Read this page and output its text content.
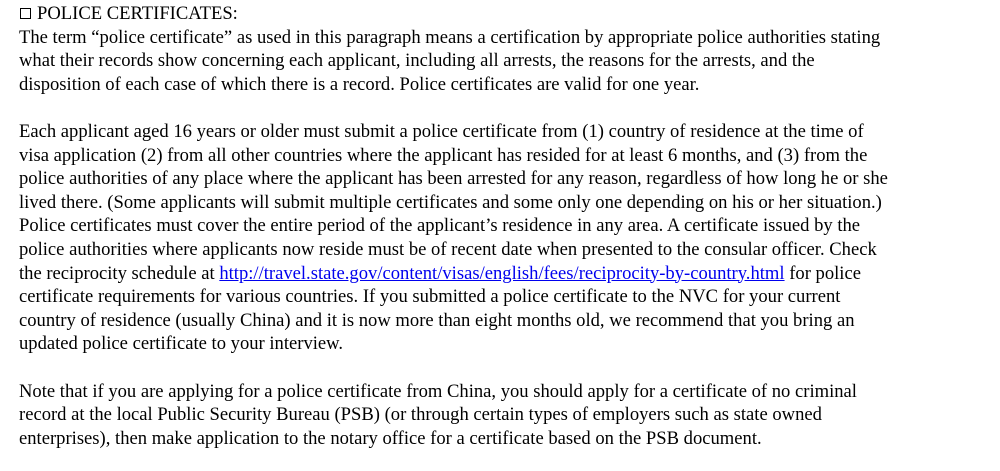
POLICE CERTIFICATES:
The term “police certificate” as used in this paragraph means a certification by appropriate police authorities stating
what their records show concerning each applicant, including all arrests, the reasons for the arrests, and the
disposition of each case of which there is a record. Police certificates are valid for one year.
Each applicant aged 16 years or older must submit a police certificate from (1) country of residence at the time of
visa application (2) from all other countries where the applicant has resided for at least 6 months, and (3) from the
police authorities of any place where the applicant has been arrested for any reason, regardless of how long he or she
lived there. (Some applicants will submit multiple certificates and some only one depending on his or her situation.)
Police certificates must cover the entire period of the applicant’s residence in any area. A certificate issued by the
police authorities where applicants now reside must be of recent date when presented to the consular officer. Check
the reciprocity schedule at http://travel.state.gov/content/visas/english/fees/reciprocity-by-country.html for police
certificate requirements for various countries. If you submitted a police certificate to the NVC for your current
country of residence (usually China) and it is now more than eight months old, we recommend that you bring an
updated police certificate to your interview.
Note that if you are applying for a police certificate from China, you should apply for a certificate of no criminal
record at the local Public Security Bureau (PSB) (or through certain types of employers such as state owned
enterprises), then make application to the notary office for a certificate based on the PSB document.
